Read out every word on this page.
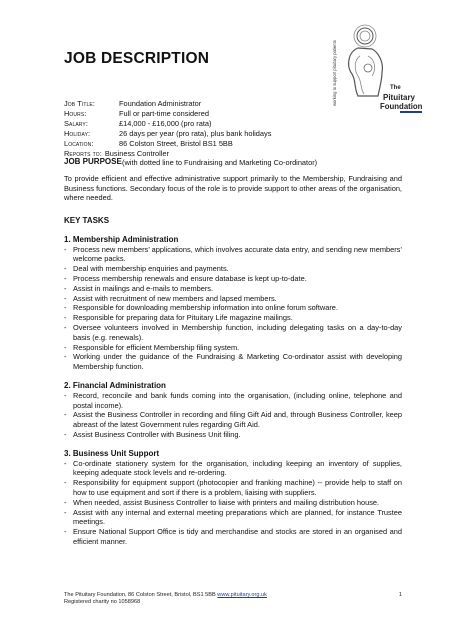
JOB DESCRIPTION	working to support pituitary patients	The
Pituitary
Foundation
Job Title:	Foundation Administrator
Hours:	Full or part-time considered
Salary:	£14,000 - £16,000 (pro rata)
Holiday:	26 days per year (pro rata), plus bank holidays
Location:	86 Colston Street, Bristol BS1 5BB
Reports to: Business Controller
(with dotted line to Fundraising and Marketing Co-ordinator)

JOB PURPOSE

To provide efficient and effective administrative support primarily to the Membership, Fundraising and Business functions. Secondary focus of the role is to provide support to other areas of the organisation, where needed.

KEY TASKS

1. Membership Administration

- Process new members’ applications, which involves accurate data entry, and sending new members’ welcome packs.
- Deal with membership enquiries and payments.
- Process membership renewals and ensure database is kept up-to-date.
- Assist in mailings and e-mails to members.
- Assist with recruitment of new members and lapsed members.
- Responsible for downloading membership information into online forum software.
- Responsible for preparing data for Pituitary Life magazine mailings.
- Oversee volunteers involved in Membership function, including delegating tasks on a day-to-day basis (e.g. renewals).
- Responsible for efficient Membership filing system.
- Working under the guidance of the Fundraising & Marketing Co-ordinator assist with developing Membership function.

2. Financial Administration

- Record, reconcile and bank funds coming into the organisation, (including online, telephone and postal income).
- Assist the Business Controller in recording and filing Gift Aid and, through Business Controller, keep abreast of the latest Government rules regarding Gift Aid.
- Assist Business Controller with Business Unit filing.

3. Business Unit Support

- Co-ordinate stationery system for the organisation, including keeping an inventory of supplies, keeping adequate stock levels and re-ordering.
- Responsibility for equipment support (photocopier and franking machine) -- provide help to staff on how to use equipment and sort if there is a problem, liaising with suppliers.
- When needed, assist Business Controller to liaise with printers and mailing distribution house.
- Assist with any internal and external meeting preparations which are planned, for instance Trustee meetings.
- Ensure National Support Office is tidy and merchandise and stocks are stored in an organised and efficient manner.
The Pituitary Foundation, 86 Colston Street, Bristol, BS1 5BB www.pituitary.org.uk	1
Registered charity no 1058968
